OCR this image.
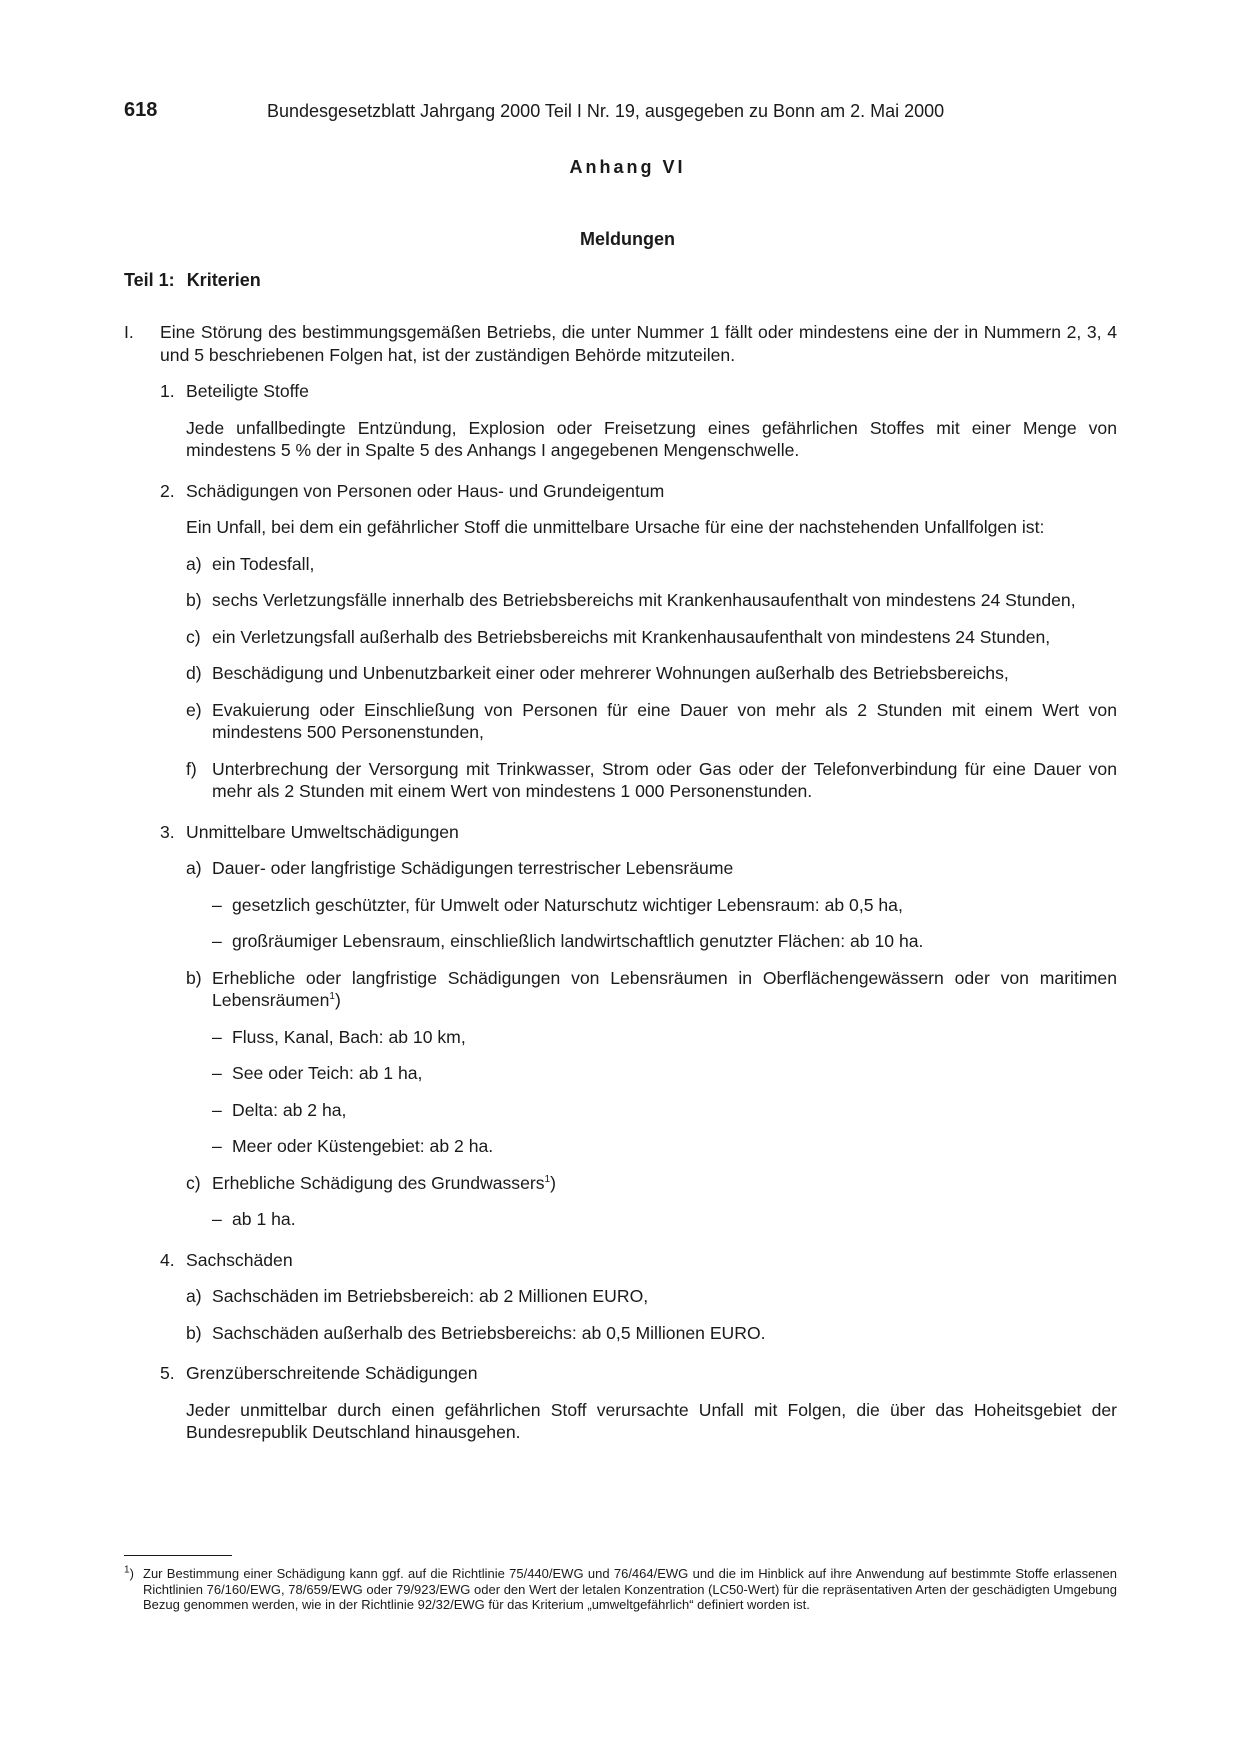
618	Bundesgesetzblatt Jahrgang 2000 Teil I Nr. 19, ausgegeben zu Bonn am 2. Mai 2000
Anhang VI
Meldungen
Teil 1: Kriterien
I. Eine Störung des bestimmungsgemäßen Betriebs, die unter Nummer 1 fällt oder mindestens eine der in Nummern 2, 3, 4 und 5 beschriebenen Folgen hat, ist der zuständigen Behörde mitzuteilen.
1. Beteiligte Stoffe
Jede unfallbedingte Entzündung, Explosion oder Freisetzung eines gefährlichen Stoffes mit einer Menge von mindestens 5 % der in Spalte 5 des Anhangs I angegebenen Mengenschwelle.
2. Schädigungen von Personen oder Haus- und Grundeigentum
Ein Unfall, bei dem ein gefährlicher Stoff die unmittelbare Ursache für eine der nachstehenden Unfallfolgen ist:
a) ein Todesfall,
b) sechs Verletzungsfälle innerhalb des Betriebsbereichs mit Krankenhausaufenthalt von mindestens 24 Stunden,
c) ein Verletzungsfall außerhalb des Betriebsbereichs mit Krankenhausaufenthalt von mindestens 24 Stunden,
d) Beschädigung und Unbenutzbarkeit einer oder mehrerer Wohnungen außerhalb des Betriebsbereichs,
e) Evakuierung oder Einschließung von Personen für eine Dauer von mehr als 2 Stunden mit einem Wert von mindestens 500 Personenstunden,
f) Unterbrechung der Versorgung mit Trinkwasser, Strom oder Gas oder der Telefonverbindung für eine Dauer von mehr als 2 Stunden mit einem Wert von mindestens 1 000 Personenstunden.
3. Unmittelbare Umweltschädigungen
a) Dauer- oder langfristige Schädigungen terrestrischer Lebensräume
– gesetzlich geschützter, für Umwelt oder Naturschutz wichtiger Lebensraum: ab 0,5 ha,
– großräumiger Lebensraum, einschließlich landwirtschaftlich genutzter Flächen: ab 10 ha.
b) Erhebliche oder langfristige Schädigungen von Lebensräumen in Oberflächengewässern oder von maritimen Lebensräumen$^1$)
– Fluss, Kanal, Bach: ab 10 km,
– See oder Teich: ab 1 ha,
– Delta: ab 2 ha,
– Meer oder Küstengebiet: ab 2 ha.
c) Erhebliche Schädigung des Grundwassers$^1$)
– ab 1 ha.
4. Sachschäden
a) Sachschäden im Betriebsbereich: ab 2 Millionen EURO,
b) Sachschäden außerhalb des Betriebsbereichs: ab 0,5 Millionen EURO.
5. Grenzüberschreitende Schädigungen
Jeder unmittelbar durch einen gefährlichen Stoff verursachte Unfall mit Folgen, die über das Hoheitsgebiet der Bundesrepublik Deutschland hinausgehen.
$^1$) Zur Bestimmung einer Schädigung kann ggf. auf die Richtlinie 75/440/EWG und 76/464/EWG und die im Hinblick auf ihre Anwendung auf bestimmte Stoffe erlassenen Richtlinien 76/160/EWG, 78/659/EWG oder 79/923/EWG oder den Wert der letalen Konzentration (LC50-Wert) für die repräsentativen Arten der geschädigten Umgebung Bezug genommen werden, wie in der Richtlinie 92/32/EWG für das Kriterium „umweltgefährlich“ definiert worden ist.
